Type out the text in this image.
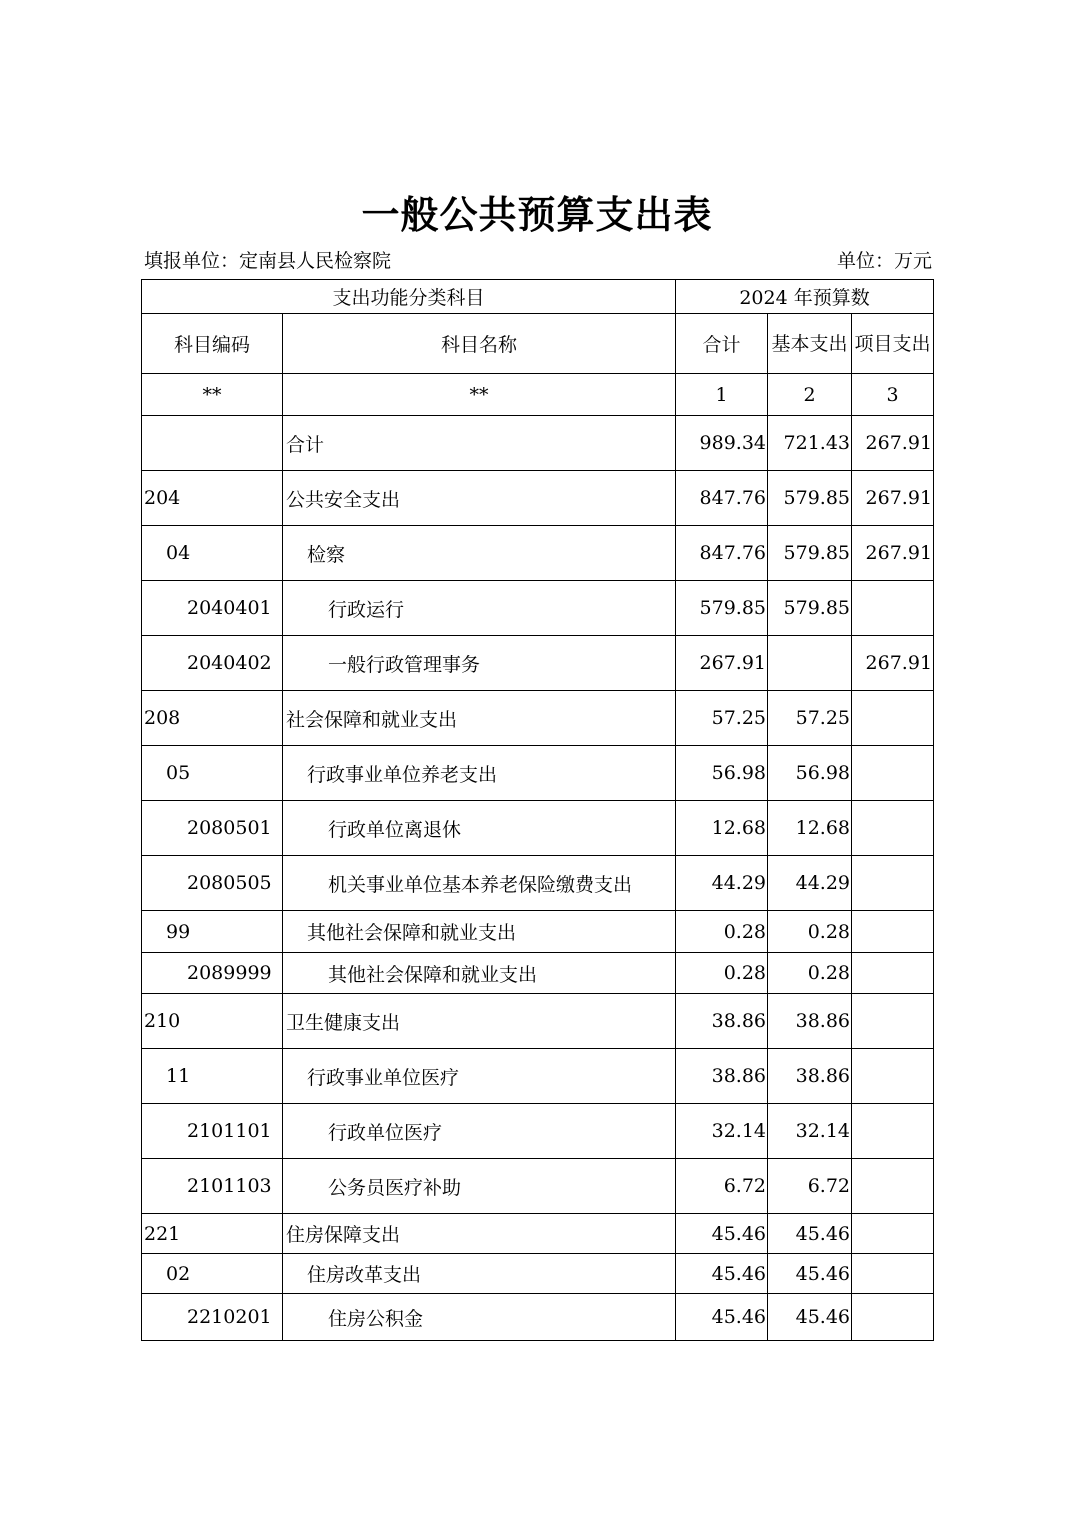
一般公共预算支出表
填报单位：定南县人民检察院	单位：万元
支出功能分类科目		2024 年预算数		
科目编码	科目名称	合计	基本支出	项目支出
**	**	1	2	3
	合计	989.34	721.43	267.91
204	公共安全支出	847.76	579.85	267.91
04	检察	847.76	579.85	267.91
2040401	行政运行	579.85	579.85	
2040402	一般行政管理事务	267.91		267.91
208	社会保障和就业支出	57.25	57.25	
05	行政事业单位养老支出	56.98	56.98	
2080501	行政单位离退休	12.68	12.68	
2080505	机关事业单位基本养老保险缴费支出	44.29	44.29	
99	其他社会保障和就业支出	0.28	0.28	
2089999	其他社会保障和就业支出	0.28	0.28	
210	卫生健康支出	38.86	38.86	
11	行政事业单位医疗	38.86	38.86	
2101101	行政单位医疗	32.14	32.14	
2101103	公务员医疗补助	6.72	6.72	
221	住房保障支出	45.46	45.46	
02	住房改革支出	45.46	45.46	
2210201	住房公积金	45.46	45.46	
